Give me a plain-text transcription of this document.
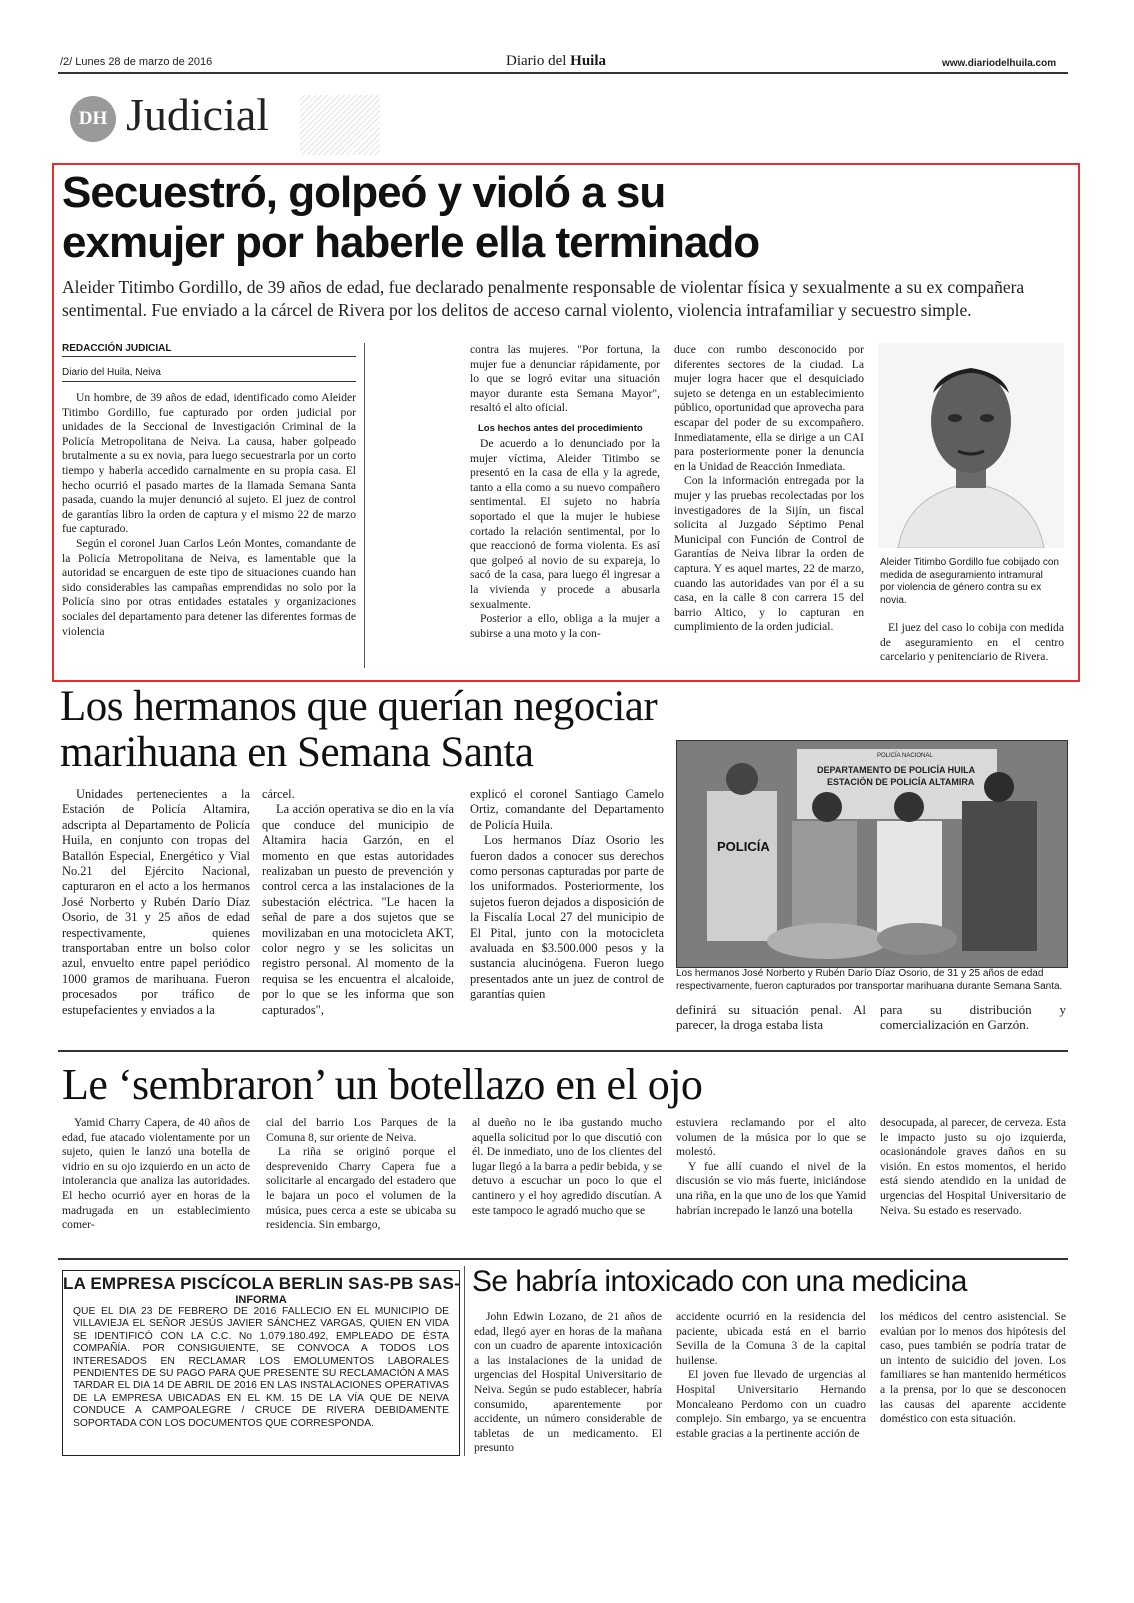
/2/ Lunes 28 de marzo de 2016	Diario del Huila	www.diariodelhuila.com
DH Judicial
Secuestró, golpeó y violó a su
exmujer por haberle ella terminado
Aleider Titimbo Gordillo, de 39 años de edad, fue declarado penalmente responsable de violentar física y sexualmente a su ex compañera
sentimental. Fue enviado a la cárcel de Rivera por los delitos de acceso carnal violento, violencia intrafamiliar y secuestro simple.
REDACCIÓN JUDICIAL
Diario del Huila, Neiva

Un hombre, de 39 años de edad, identificado como Aleider Titimbo Gordillo, fue capturado por orden judicial por unidades de la Seccional de Investigación Criminal de la Policía Metropolitana de Neiva. La causa, haber golpeado brutalmente a su ex novia, para luego secuestrarla por un corto tiempo y haberla accedido carnalmente en su propia casa. El hecho ocurrió el pasado martes de la llamada Semana Santa pasada, cuando la mujer denunció al sujeto. El juez de control de garantías libro la orden de captura y el mismo 22 de marzo fue capturado.

Según el coronel Juan Carlos León Montes, comandante de la Policía Metropolitana de Neiva, es lamentable que la autoridad se encarguen de este tipo de situaciones cuando han sido considerables las campañas emprendidas no solo por la Policía sino por otras entidades estatales y organizaciones sociales del departamento para detener las diferentes formas de violencia

contra las mujeres. "Por fortuna, la mujer fue a denunciar rápidamente, por lo que se logró evitar una situación mayor durante esta Semana Mayor", resaltó el alto oficial.

Los hechos antes del procedimiento

De acuerdo a lo denunciado por la mujer víctima, Aleider Titimbo se presentó en la casa de ella y la agrede, tanto a ella como a su nuevo compañero sentimental. El sujeto no habría soportado el que la mujer le hubiese cortado la relación sentimental, por lo que reaccionó de forma violenta. Es así que golpeó al novio de su expareja, lo sacó de la casa, para luego él ingresar a la vivienda y procede a abusarla sexualmente.

Posterior a ello, obliga a la mujer a subirse a una moto y la con-

duce con rumbo desconocido por diferentes sectores de la ciudad. La mujer logra hacer que el desquiciado sujeto se detenga en un establecimiento público, oportunidad que aprovecha para escapar del poder de su excompañero. Inmediatamente, ella se dirige a un CAI para posteriormente poner la denuncia en la Unidad de Reacción Inmediata.

Con la información entregada por la mujer y las pruebas recolectadas por los investigadores de la Sijín, un fiscal solicita al Juzgado Séptimo Penal Municipal con Función de Control de Garantías de Neiva librar la orden de captura. Y es aquel martes, 22 de marzo, cuando las autoridades van por él a su casa, en la calle 8 con carrera 15 del barrio Altico, y lo capturan en cumplimiento de la orden judicial.

Aleider Titimbo Gordillo fue cobijado con medida de aseguramiento intramural por violencia de género contra su ex novia.

El juez del caso lo cobija con medida de aseguramiento en el centro carcelario y penitenciario de Rivera.

Los hermanos que querían negociar
marihuana en Semana Santa

Unidades pertenecientes a la Estación de Policía Altamira, adscripta al Departamento de Policía Huila, en conjunto con tropas del Batallón Especial, Energético y Vial No.21 del Ejército Nacional, capturaron en el acto a los hermanos José Norberto y Rubén Darío Díaz Osorio, de 31 y 25 años de edad respectivamente, quienes transportaban entre un bolso color azul, envuelto entre papel periódico 1000 gramos de marihuana. Fueron procesados por tráfico de estupefacientes y enviados a la

cárcel.

La acción operativa se dio en la vía que conduce del municipio de Altamira hacia Garzón, en el momento en que estas autoridades realizaban un puesto de prevención y control cerca a las instalaciones de la subestación eléctrica. "Le hacen la señal de pare a dos sujetos que se movilizaban en una motocicleta AKT, color negro y se les solicitas un registro personal. Al momento de la requisa se les encuentra el alcaloide, por lo que se les informa que son capturados",

explicó el coronel Santiago Camelo Ortiz, comandante del Departamento de Policía Huila.

Los hermanos Díaz Osorio les fueron dados a conocer sus derechos como personas capturadas por parte de los uniformados. Posteriormente, los sujetos fueron dejados a disposición de la Fiscalía Local 27 del municipio de El Pital, junto con la motocicleta avaluada en $3.500.000 pesos y la sustancia alucinógena. Fueron luego presentados ante un juez de control de garantías quien

DEPARTAMENTO DE POLICÍA HUILA
ESTACIÓN DE POLICÍA ALTAMIRA
POLICÍA NACIONAL
POLICÍA
Los hermanos José Norberto y Rubén Darío Díaz Osorio, de 31 y 25 años de edad respectivamente, fueron capturados por transportar marihuana durante Semana Santa.

definirá su situación penal. Al parecer, la droga estaba lista

para su distribución y comercialización en Garzón.

Le ‘sembraron’ un botellazo en el ojo

Yamid Charry Capera, de 40 años de edad, fue atacado violentamente por un sujeto, quien le lanzó una botella de vidrio en su ojo izquierdo en un acto de intolerancia que analiza las autoridades. El hecho ocurrió ayer en horas de la madrugada en un establecimiento comer-

cial del barrio Los Parques de la Comuna 8, sur oriente de Neiva.

La riña se originó porque el desprevenido Charry Capera fue a solicitarle al encargado del estadero que le bajara un poco el volumen de la música, pues cerca a este se ubicaba su residencia. Sin embargo,

al dueño no le iba gustando mucho aquella solicitud por lo que discutió con él. De inmediato, uno de los clientes del lugar llegó a la barra a pedir bebida, y se detuvo a escuchar un poco lo que el cantinero y el hoy agredido discutían. A este tampoco le agradó mucho que se

estuviera reclamando por el alto volumen de la música por lo que se molestó.

Y fue allí cuando el nivel de la discusión se vio más fuerte, iniciándose una riña, en la que uno de los que Yamid habrían increpado le lanzó una botella

desocupada, al parecer, de cerveza. Esta le impacto justo su ojo izquierda, ocasionándole graves daños en su visión. En estos momentos, el herido está siendo atendido en la unidad de urgencias del Hospital Universitario de Neiva. Su estado es reservado.

LA EMPRESA PISCÍCOLA BERLIN SAS-PB SAS-
INFORMA
QUE EL DIA 23 DE FEBRERO DE 2016 FALLECIO EN EL MUNICIPIO DE VILLAVIEJA EL SEÑOR JESÚS JAVIER SÁNCHEZ VARGAS, QUIEN EN VIDA SE IDENTIFICÓ CON LA C.C. No 1.079.180.492, EMPLEADO DE ÉSTA COMPAÑÍA. POR CONSIGUIENTE, SE CONVOCA A TODOS LOS INTERESADOS EN RECLAMAR LOS EMOLUMENTOS LABORALES PENDIENTES DE SU PAGO PARA QUE PRESENTE SU RECLAMACIÓN A MAS TARDAR EL DIA 14 DE ABRIL DE 2016 EN LAS INSTALACIONES OPERATIVAS DE LA EMPRESA UBICADAS EN EL KM. 15 DE LA VÍA QUE DE NEIVA CONDUCE A CAMPOALEGRE / CRUCE DE RIVERA DEBIDAMENTE SOPORTADA CON LOS DOCUMENTOS QUE CORRESPONDA.
Se habría intoxicado con una medicina

John Edwin Lozano, de 21 años de edad, llegó ayer en horas de la mañana con un cuadro de aparente intoxicación a las instalaciones de la unidad de urgencias del Hospital Universitario de Neiva. Según se pudo establecer, habría consumido, aparentemente por accidente, un número considerable de tabletas de un medicamento. El presunto

accidente ocurrió en la residencia del paciente, ubicada está en el barrio Sevilla de la Comuna 3 de la capital huilense.

El joven fue llevado de urgencias al Hospital Universitario Hernando Moncaleano Perdomo con un cuadro complejo. Sin embargo, ya se encuentra estable gracias a la pertinente acción de

los médicos del centro asistencial. Se evalúan por lo menos dos hipótesis del caso, pues también se podría tratar de un intento de suicidio del joven. Los familiares se han mantenido herméticos a la prensa, por lo que se desconocen las causas del aparente accidente doméstico con esta situación.
